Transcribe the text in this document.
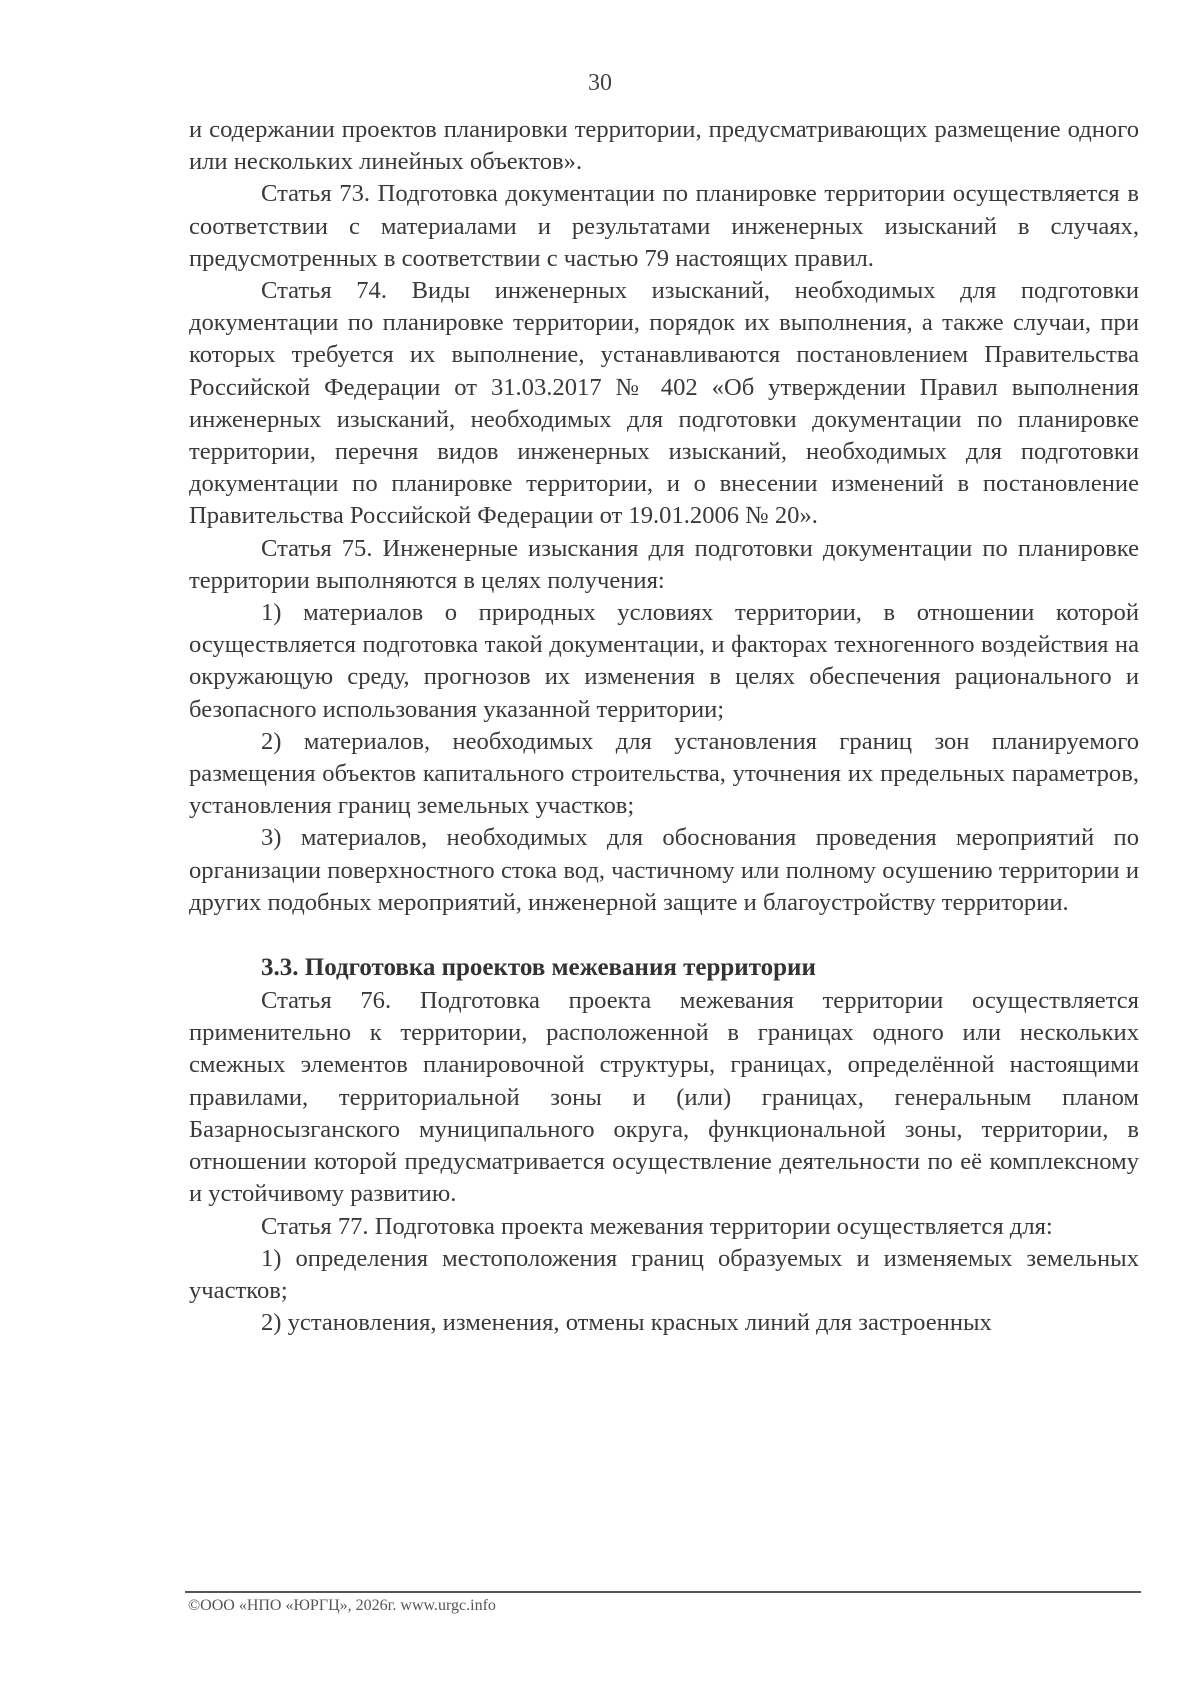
30

и содержании проектов планировки территории, предусматривающих размещение одного или нескольких линейных объектов».

Статья 73. Подготовка документации по планировке территории осуществляется в соответствии с материалами и результатами инженерных изысканий в случаях, предусмотренных в соответствии с частью 79 настоящих правил.

Статья 74. Виды инженерных изысканий, необходимых для подготовки документации по планировке территории, порядок их выполнения, а также случаи, при которых требуется их выполнение, устанавливаются постановлением Правительства Российской Федерации от 31.03.2017 № 402 «Об утверждении Правил выполнения инженерных изысканий, необходимых для подготовки документации по планировке территории, перечня видов инженерных изысканий, необходимых для подготовки документации по планировке территории, и о внесении изменений в постановление Правительства Российской Федерации от 19.01.2006 № 20».

Статья 75. Инженерные изыскания для подготовки документации по планировке территории выполняются в целях получения:

1) материалов о природных условиях территории, в отношении которой осуществляется подготовка такой документации, и факторах техногенного воздействия на окружающую среду, прогнозов их изменения в целях обеспечения рационального и безопасного использования указанной территории;

2) материалов, необходимых для установления границ зон планируемого размещения объектов капитального строительства, уточнения их предельных параметров, установления границ земельных участков;

3) материалов, необходимых для обоснования проведения мероприятий по организации поверхностного стока вод, частичному или полному осушению территории и других подобных мероприятий, инженерной защите и благоустройству территории.

3.3. Подготовка проектов межевания территории

Статья 76. Подготовка проекта межевания территории осуществляется применительно к территории, расположенной в границах одного или нескольких смежных элементов планировочной структуры, границах, определённой настоящими правилами, территориальной зоны и (или) границах, генеральным планом Базарносызганского муниципального округа, функциональной зоны, территории, в отношении которой предусматривается осуществление деятельности по её комплексному и устойчивому развитию.

Статья 77. Подготовка проекта межевания территории осуществляется для:

1) определения местоположения границ образуемых и изменяемых земельных участков;

2) установления, изменения, отмены красных линий для застроенных

©ООО «НПО «ЮРГЦ», 2026г. www.urgc.info
